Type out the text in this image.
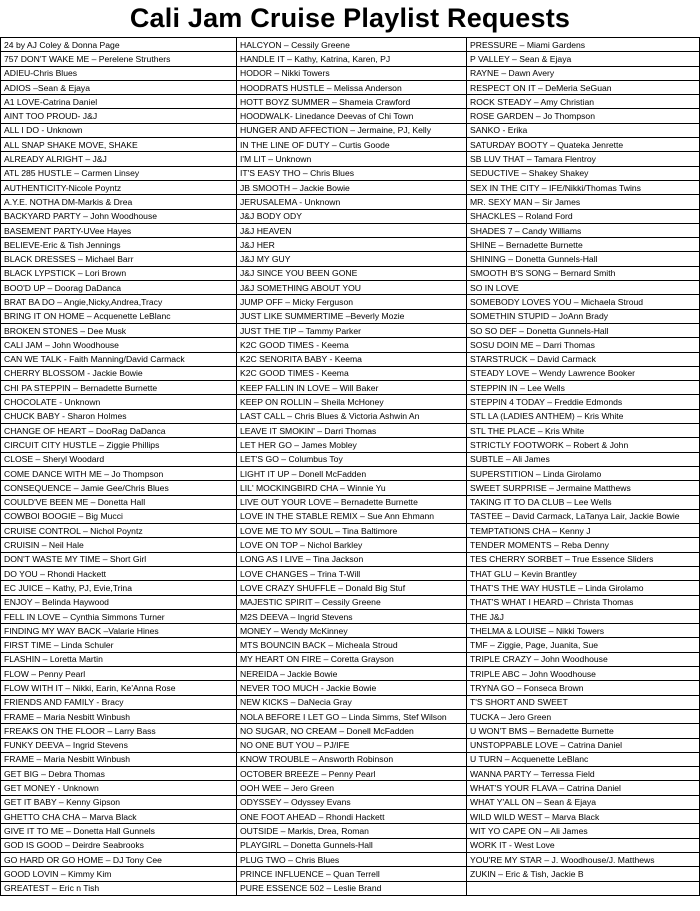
Cali Jam Cruise Playlist Requests
24 by AJ Coley & Donna Page	HALCYON – Cessily Greene	PRESSURE – Miami Gardens
757 DON'T WAKE ME – Perelene Struthers	HANDLE IT – Kathy, Katrina, Karen, PJ	P VALLEY – Sean & Ejaya
ADIEU-Chris Blues	HODOR – Nikki Towers	RAYNE – Dawn Avery
ADIOS –Sean & Ejaya	HOODRATS HUSTLE – Melissa Anderson	RESPECT ON IT – DeMeria SeGuan
A1 LOVE-Catrina Daniel	HOTT BOYZ SUMMER – Shameia Crawford	ROCK STEADY – Amy Christian
AINT TOO PROUD- J&J	HOODWALK- Linedance Deevas of Chi Town	ROSE GARDEN – Jo Thompson
ALL I DO - Unknown	HUNGER AND AFFECTION – Jermaine, PJ, Kelly	SANKO - Erika
ALL SNAP SHAKE MOVE, SHAKE	IN THE LINE OF DUTY – Curtis Goode	SATURDAY BOOTY – Quateka Jenrette
ALREADY ALRIGHT – J&J	I'M LIT – Unknown	SB LUV THAT – Tamara Flentroy
ATL 285 HUSTLE – Carmen Linsey	IT'S EASY THO – Chris Blues	SEDUCTIVE – Shakey Shakey
AUTHENTICITY-Nicole Poyntz	JB SMOOTH – Jackie Bowie	SEX IN THE CITY – IFE/Nikki/Thomas Twins
A.Y.E. NOTHA DM-Markis & Drea	JERUSALEMA - Unknown	MR. SEXY MAN – Sir James
BACKYARD PARTY – John Woodhouse	J&J BODY ODY	SHACKLES – Roland Ford
BASEMENT PARTY-UVee Hayes	J&J HEAVEN	SHADES 7 – Candy Williams
BELIEVE-Eric & Tish Jennings	J&J HER	SHINE – Bernadette Burnette
BLACK DRESSES – Michael Barr	J&J MY GUY	SHINING – Donetta Gunnels-Hall
BLACK LYPSTICK – Lori Brown	J&J SINCE YOU BEEN GONE	SMOOTH B'S SONG – Bernard Smith
BOO'D UP – Doorag DaDanca	J&J SOMETHING ABOUT YOU	SO IN LOVE
BRAT BA DO – Angie,Nicky,Andrea,Tracy	JUMP OFF – Micky Ferguson	SOMEBODY LOVES YOU – Michaela Stroud
BRING IT ON HOME – Acquenette LeBlanc	JUST LIKE SUMMERTIME –Beverly Mozie	SOMETHIN STUPID – JoAnn Brady
BROKEN STONES – Dee Musk	JUST THE TIP – Tammy Parker	SO SO DEF – Donetta Gunnels-Hall
CALI JAM – John Woodhouse	K2C GOOD TIMES - Keema	SOSU DOIN ME – Darri Thomas
CAN WE TALK - Faith Manning/David Carmack	K2C SENORITA BABY - Keema	STARSTRUCK – David Carmack
CHERRY BLOSSOM - Jackie Bowie	K2C GOOD TIMES - Keema	STEADY LOVE – Wendy Lawrence Booker
CHI PA STEPPIN – Bernadette Burnette	KEEP FALLIN IN LOVE – Will Baker	STEPPIN IN – Lee Wells
CHOCOLATE - Unknown	KEEP ON ROLLIN – Sheila McHoney	STEPPIN 4 TODAY – Freddie Edmonds
CHUCK BABY - Sharon Holmes	LAST CALL – Chris Blues & Victoria Ashwin An	STL LA (LADIES ANTHEM) – Kris White
CHANGE OF HEART – DooRag DaDanca	LEAVE IT SMOKIN' – Darri Thomas	STL THE PLACE – Kris White
CIRCUIT CITY HUSTLE – Ziggie Phillips	LET HER GO – James Mobley	STRICTLY FOOTWORK – Robert & John
CLOSE – Sheryl Woodard	LET'S GO – Columbus Toy	SUBTLE – Ali James
COME DANCE WITH ME – Jo Thompson	LIGHT IT UP – Donell McFadden	SUPERSTITION – Linda Girolamo
CONSEQUENCE – Jamie Gee/Chris Blues	LIL' MOCKINGBIRD CHA – Winnie Yu	SWEET SURPRISE – Jermaine Matthews
COULD'VE BEEN ME – Donetta Hall	LIVE OUT YOUR LOVE – Bernadette Burnette	TAKING IT TO DA CLUB – Lee Wells
COWBOI BOOGIE – Big Mucci	LOVE IN THE STABLE REMIX – Sue Ann Ehmann	TASTEE – David Carmack, LaTanya Lair, Jackie Bowie
CRUISE CONTROL – Nichol Poyntz	LOVE ME TO MY SOUL – Tina Baltimore	TEMPTATIONS CHA – Kenny J
CRUISIN – Neil Hale	LOVE ON TOP – Nichol Barkley	TENDER MOMENTS – Reba Denny
DON'T WASTE MY TIME – Short Girl	LONG AS I LIVE – Tina Jackson	TES CHERRY SORBET – True Essence Sliders
DO YOU – Rhondi Hackett	LOVE CHANGES – Trina T-Will	THAT GLU – Kevin Brantley
EC JUICE – Kathy, PJ, Evie,Trina	LOVE CRAZY SHUFFLE – Donald Big Stuf	THAT'S THE WAY HUSTLE – Linda Girolamo
ENJOY – Belinda Haywood	MAJESTIC SPIRIT – Cessily Greene	THAT'S WHAT I HEARD – Christa Thomas
FELL IN LOVE – Cynthia Simmons Turner	M2S DEEVA – Ingrid Stevens	THE J&J
FINDING MY WAY BACK –Valarie Hines	MONEY – Wendy McKinney	THELMA & LOUISE – Nikki Towers
FIRST TIME – Linda Schuler	MTS BOUNCIN BACK – Micheala Stroud	TMF – Ziggie, Page, Juanita, Sue
FLASHIN – Loretta Martin	MY HEART ON FIRE – Coretta Grayson	TRIPLE CRAZY – John Woodhouse
FLOW – Penny Pearl	NEREIDA – Jackie Bowie	TRIPLE ABC – John Woodhouse
FLOW WITH IT – Nikki, Earin, Ke'Anna Rose	NEVER TOO MUCH - Jackie Bowie	TRYNA GO – Fonseca Brown
FRIENDS AND FAMILY - Bracy	NEW KICKS – DaNecia Gray	T'S SHORT AND SWEET
FRAME – Maria Nesbitt Winbush	NOLA BEFORE I LET GO – Linda Simms, Stef Wilson	TUCKA – Jero Green
FREAKS ON THE FLOOR – Larry Bass	NO SUGAR, NO CREAM – Donell McFadden	U WON'T BMS – Bernadette Burnette
FUNKY DEEVA – Ingrid Stevens	NO ONE BUT YOU – PJ/IFE	UNSTOPPABLE LOVE – Catrina Daniel
FRAME – Maria Nesbitt Winbush	KNOW TROUBLE – Answorth Robinson	U TURN – Acquenette LeBlanc
GET BIG – Debra Thomas	OCTOBER BREEZE – Penny Pearl	WANNA PARTY – Terressa Field
GET MONEY - Unknown	OOH WEE – Jero Green	WHAT'S YOUR FLAVA – Catrina Daniel
GET IT BABY – Kenny Gipson	ODYSSEY – Odyssey Evans	WHAT Y'ALL ON – Sean & Ejaya
GHETTO CHA CHA – Marva Black	ONE FOOT AHEAD – Rhondi Hackett	WILD WILD WEST – Marva Black
GIVE IT TO ME – Donetta Hall Gunnels	OUTSIDE – Markis, Drea, Roman	WIT YO CAPE ON – Ali James
GOD IS GOOD – Deirdre Seabrooks	PLAYGIRL – Donetta Gunnels-Hall	WORK IT - West Love
GO HARD OR GO HOME – DJ Tony Cee	PLUG TWO – Chris Blues	YOU'RE MY STAR – J. Woodhouse/J. Matthews
GOOD LOVIN – Kimmy Kim	PRINCE INFLUENCE – Quan Terrell	ZUKIN – Eric & Tish, Jackie B
GREATEST – Eric n Tish	PURE ESSENCE 502 – Leslie Brand	
